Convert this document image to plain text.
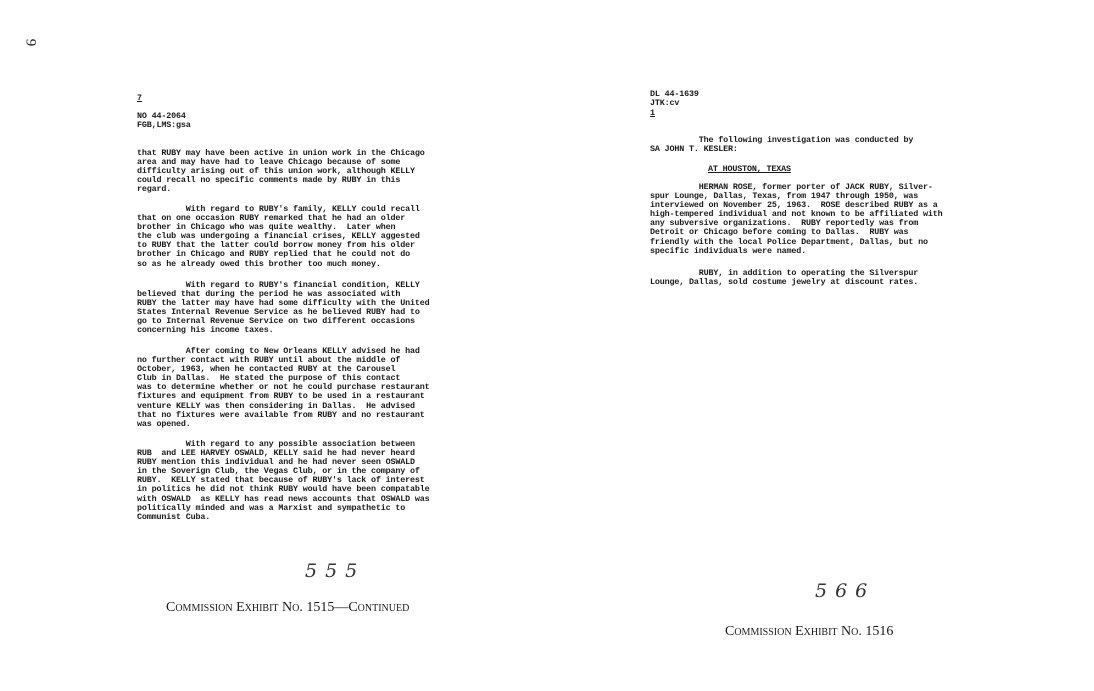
9
7
NO 44-2064
FGB,LMS:gsa

that RUBY may have been active in union work in the Chicago
area and may have had to leave Chicago because of some
difficulty arising out of this union work, although KELLY
could recall no specific comments made by RUBY in this
regard.

With regard to RUBY's family, KELLY could recall
that on one occasion RUBY remarked that he had an older
brother in Chicago who was quite wealthy.  Later when
the club was undergoing a financial crises, KELLY aggested
to RUBY that the latter could borrow money from his older
brother in Chicago and RUBY replied that he could not do
so as he already owed this brother too much money.

With regard to RUBY's financial condition, KELLY
believed that during the period he was associated with
RUBY the latter may have had some difficulty with the United
States Internal Revenue Service as he believed RUBY had to
go to Internal Revenue Service on two different occasions
concerning his income taxes.

After coming to New Orleans KELLY advised he had
no further contact with RUBY until about the middle of
October, 1963, when he contacted RUBY at the Carousel
Club in Dallas.  He stated the purpose of this contact
was to determine whether or not he could purchase restaurant
fixtures and equipment from RUBY to be used in a restaurant
venture KELLY was then considering in Dallas.  He advised
that no fixtures were available from RUBY and no restaurant
was opened.

With regard to any possible association between
RUB  and LEE HARVEY OSWALD, KELLY said he had never heard
RUBY mention this individual and he had never seen OSWALD
in the Soverign Club, the Vegas Club, or in the company of
RUBY.  KELLY stated that because of RUBY's lack of interest
in politics he did not think RUBY would have been compatable
with OSWALD  as KELLY has read news accounts that OSWALD was
politically minded and was a Marxist and sympathetic to
Communist Cuba.

555
Commission Exhibit No. 1515—Continued
DL 44-1639
JTK:cv
1

The following investigation was conducted by
SA JOHN T. KESLER:

AT HOUSTON, TEXAS

HERMAN ROSE, former porter of JACK RUBY, Silver-
spur Lounge, Dallas, Texas, from 1947 through 1950, was
interviewed on November 25, 1963.  ROSE described RUBY as a
high-tempered individual and not known to be affiliated with
any subversive organizations.  RUBY reportedly was from
Detroit or Chicago before coming to Dallas.  RUBY was
friendly with the local Police Department, Dallas, but no
specific individuals were named.

RUBY, in addition to operating the Silverspur
Lounge, Dallas, sold costume jewelry at discount rates.

566
Commission Exhibit No. 1516
